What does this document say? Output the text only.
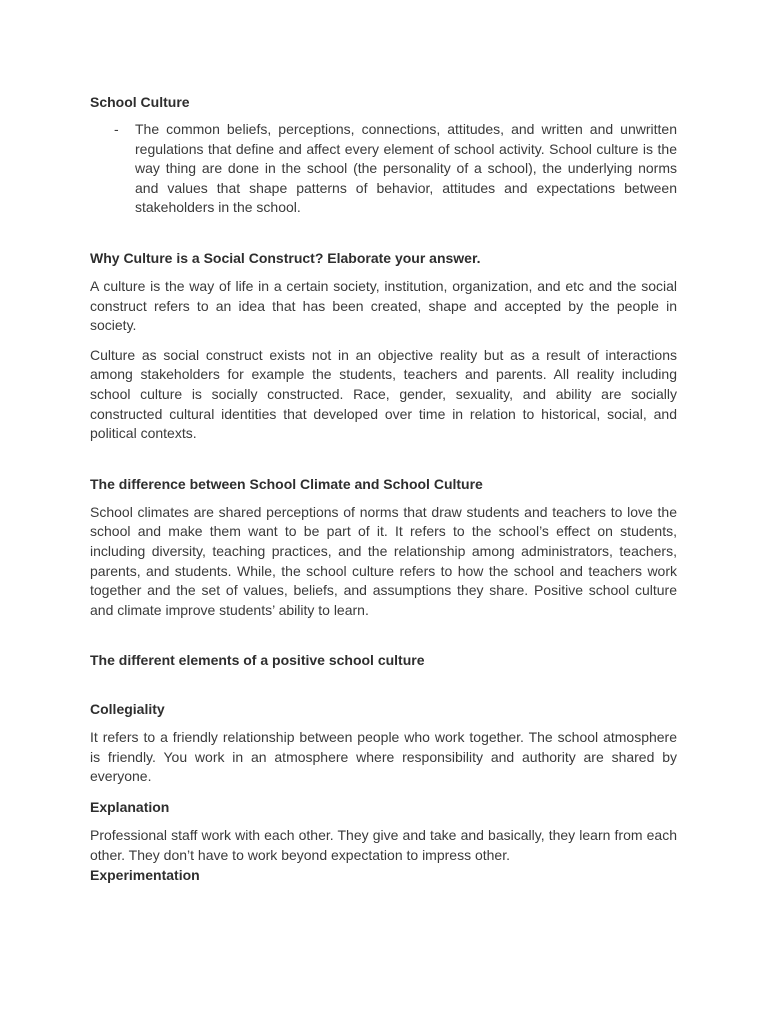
School Culture
- The common beliefs, perceptions, connections, attitudes, and written and unwritten regulations that define and affect every element of school activity. School culture is the way thing are done in the school (the personality of a school), the underlying norms and values that shape patterns of behavior, attitudes and expectations between stakeholders in the school.

Why Culture is a Social Construct? Elaborate your answer.

A culture is the way of life in a certain society, institution, organization, and etc and the social construct refers to an idea that has been created, shape and accepted by the people in society.

Culture as social construct exists not in an objective reality but as a result of interactions among stakeholders for example the students, teachers and parents. All reality including school culture is socially constructed. Race, gender, sexuality, and ability are socially constructed cultural identities that developed over time in relation to historical, social, and political contexts.

The difference between School Climate and School Culture

School climates are shared perceptions of norms that draw students and teachers to love the school and make them want to be part of it. It refers to the school’s effect on students, including diversity, teaching practices, and the relationship among administrators, teachers, parents, and students. While, the school culture refers to how the school and teachers work together and the set of values, beliefs, and assumptions they share. Positive school culture and climate improve students’ ability to learn.

The different elements of a positive school culture
Collegiality

It refers to a friendly relationship between people who work together. The school atmosphere is friendly. You work in an atmosphere where responsibility and authority are shared by everyone.

Explanation

Professional staff work with each other. They give and take and basically, they learn from each other. They don’t have to work beyond expectation to impress other.

Experimentation
